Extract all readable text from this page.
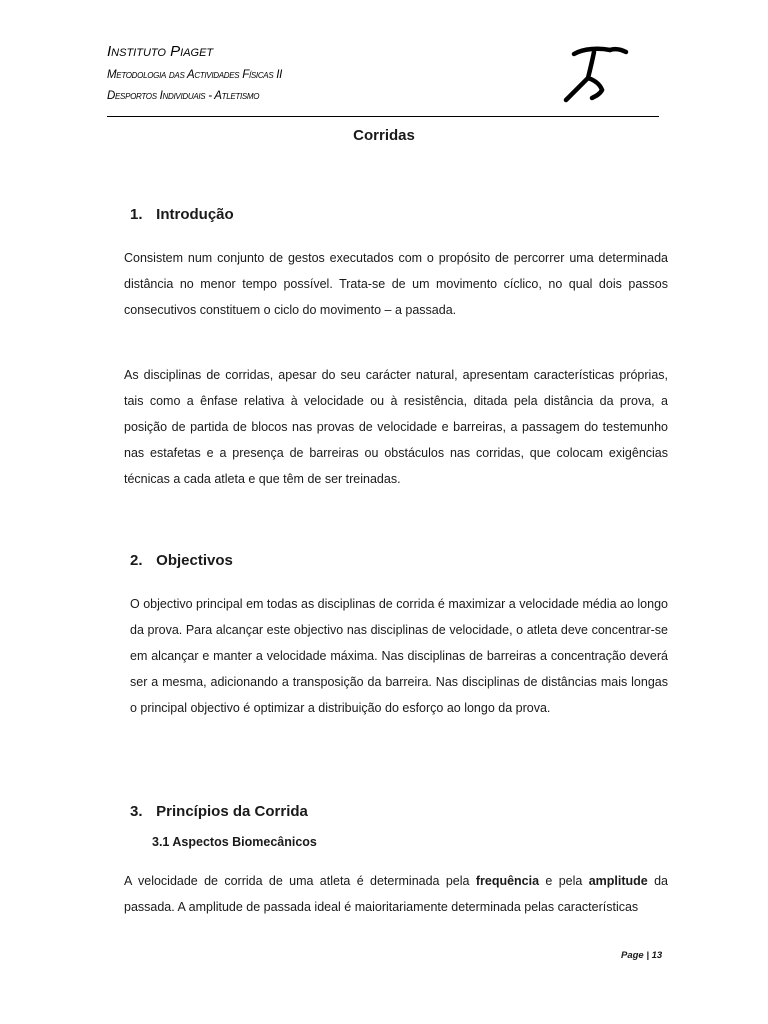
Instituto Piaget
Metodologia das Actividades Físicas II
Desportos Individuais - Atletismo
Corridas
1. Introdução
Consistem num conjunto de gestos executados com o propósito de percorrer uma determinada distância no menor tempo possível. Trata-se de um movimento cíclico, no qual dois passos consecutivos constituem o ciclo do movimento – a passada.
As disciplinas de corridas, apesar do seu carácter natural, apresentam características próprias, tais como a ênfase relativa à velocidade ou à resistência, ditada pela distância da prova, a posição de partida de blocos nas provas de velocidade e barreiras, a passagem do testemunho nas estafetas e a presença de barreiras ou obstáculos nas corridas, que colocam exigências técnicas a cada atleta e que têm de ser treinadas.
2. Objectivos
O objectivo principal em todas as disciplinas de corrida é maximizar a velocidade média ao longo da prova. Para alcançar este objectivo nas disciplinas de velocidade, o atleta deve concentrar-se em alcançar e manter a velocidade máxima. Nas disciplinas de barreiras a concentração deverá ser a mesma, adicionando a transposição da barreira. Nas disciplinas de distâncias mais longas o principal objectivo é optimizar a distribuição do esforço ao longo da prova.
3. Princípios da Corrida
3.1 Aspectos Biomecânicos
A velocidade de corrida de uma atleta é determinada pela frequência e pela amplitude da passada. A amplitude de passada ideal é maioritariamente determinada pelas características
Page | 13
